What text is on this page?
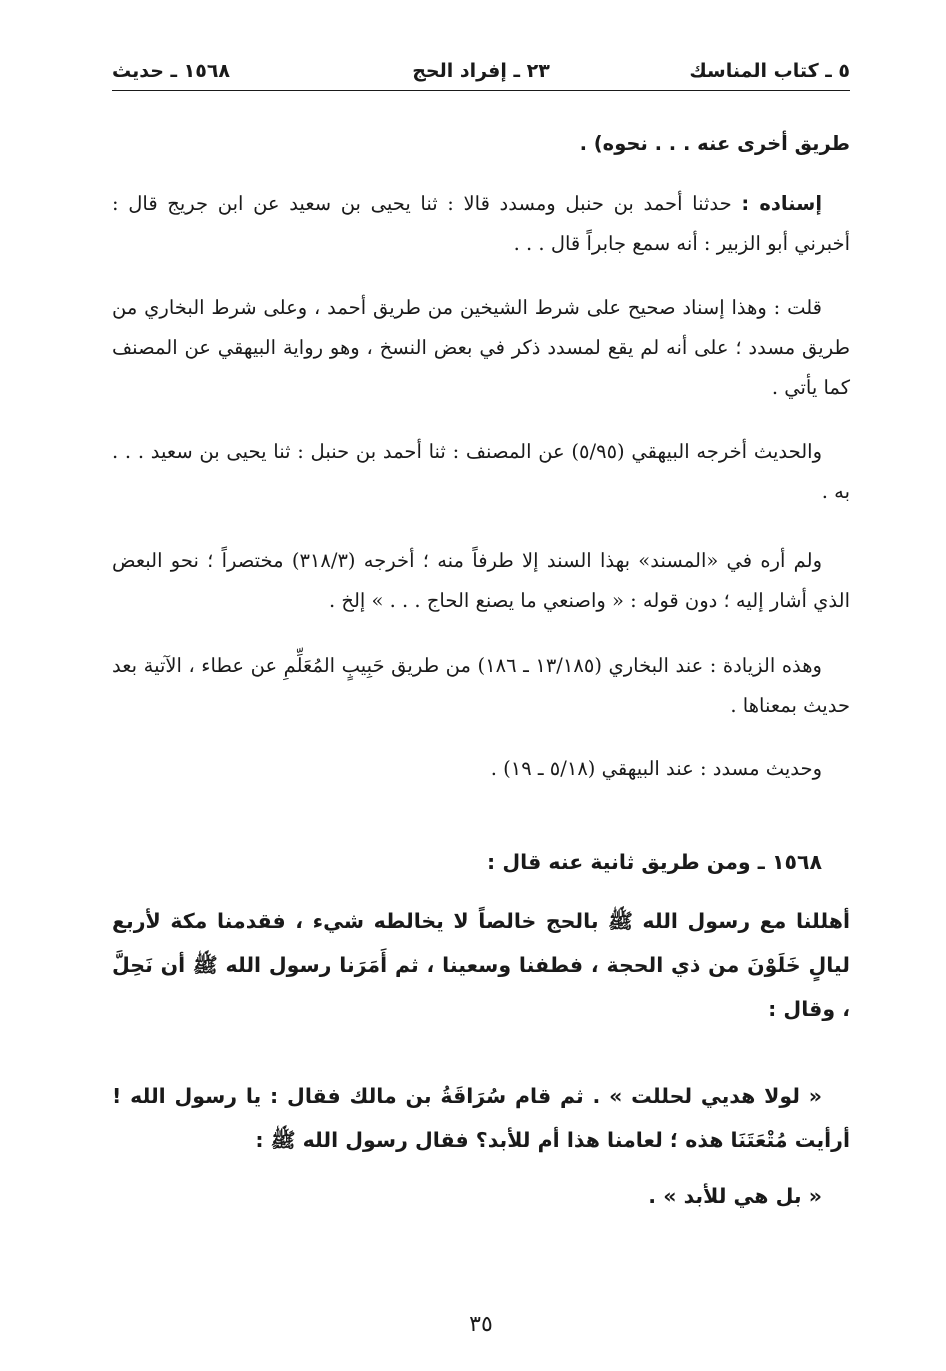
٥ ـ كتاب المناسك
٢٣ ـ إفراد الحج
١٥٦٨ ـ حديث

طريق أخرى عنه . . . نحوه) .

إسناده : حدثنا أحمد بن حنبل ومسدد قالا : ثنا يحيى بن سعيد عن ابن جريج قال : أخبرني أبو الزبير : أنه سمع جابراً قال . . .

قلت : وهذا إسناد صحيح على شرط الشيخين من طريق أحمد ، وعلى شرط البخاري من طريق مسدد ؛ على أنه لم يقع لمسدد ذكر في بعض النسخ ، وهو رواية البيهقي عن المصنف كما يأتي .

والحديث أخرجه البيهقي (٥/٩٥) عن المصنف : ثنا أحمد بن حنبل : ثنا يحيى بن سعيد . . . به .

ولم أره في «المسند» بهذا السند إلا طرفاً منه ؛ أخرجه (٣١٨/٣) مختصراً ؛ نحو البعض الذي أشار إليه ؛ دون قوله : « واصنعي ما يصنع الحاج . . . » إلخ .

وهذه الزيادة : عند البخاري (١٣/١٨٥ ـ ١٨٦) من طريق حَبِيبٍ المُعَلِّمِ عن عطاء ، الآتية بعد حديث بمعناها .

وحديث مسدد : عند البيهقي (٥/١٨ ـ ١٩) .

١٥٦٨ ـ ومن طريق ثانية عنه قال :

أهللنا مع رسول الله ﷺ بالحج خالصاً لا يخالطه شيء ، فقدمنا مكة لأربع ليالٍ خَلَوْنَ من ذي الحجة ، فطفنا وسعينا ، ثم أَمَرَنا رسول الله ﷺ أن نَحِلَّ ، وقال :

« لولا هديي لحللت » . ثم قام سُرَاقَةُ بن مالك فقال : يا رسول الله ! أرأيت مُتْعَتَنَا هذه ؛ لعامنا هذا أم للأبد؟ فقال رسول الله ﷺ :

« بل هي للأبد » .

٣٥
